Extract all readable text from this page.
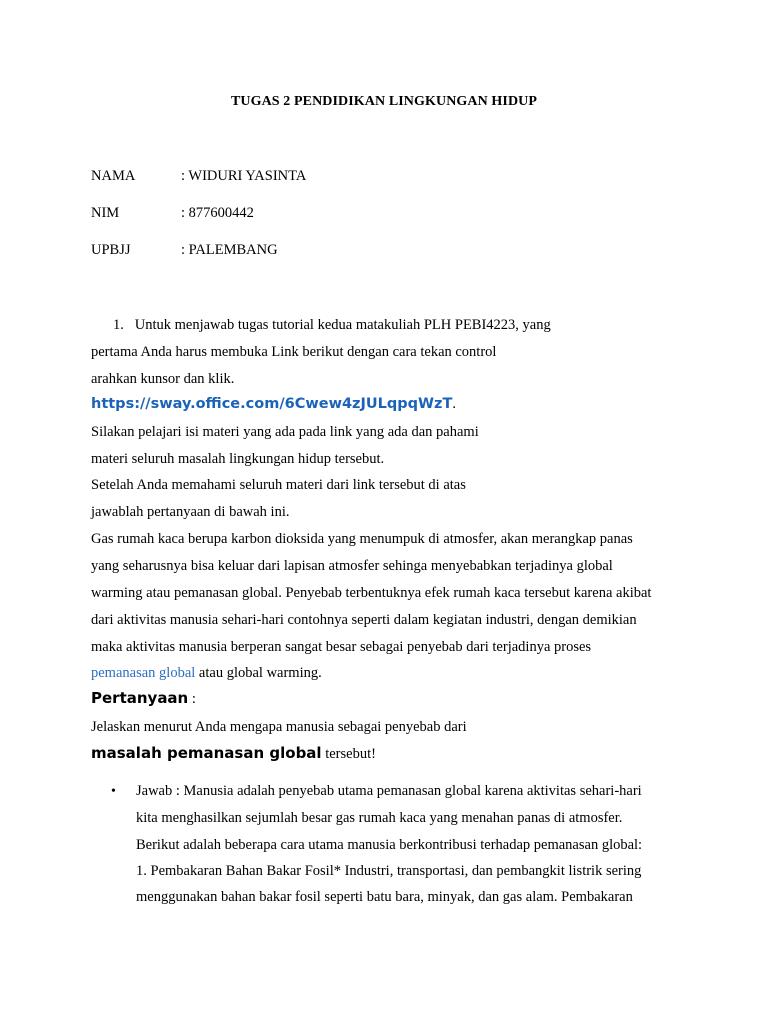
TUGAS 2 PENDIDIKAN LINGKUNGAN HIDUP
NAMA	: WIDURI YASINTA
NIM	: 877600442
UPBJJ	: PALEMBANG
1. Untuk menjawab tugas tutorial kedua matakuliah PLH PEBI4223, yang
pertama Anda harus membuka Link berikut dengan cara tekan control
arahkan kunsor dan klik.
https://sway.office.com/6Cwew4zJULqpqWzT.
Silakan pelajari isi materi yang ada pada link yang ada dan pahami
materi seluruh masalah lingkungan hidup tersebut.
Setelah Anda memahami seluruh materi dari link tersebut di atas
jawablah pertanyaan di bawah ini.
Gas rumah kaca berupa karbon dioksida yang menumpuk di atmosfer, akan merangkap panas
yang seharusnya bisa keluar dari lapisan atmosfer sehinga menyebabkan terjadinya global
warming atau pemanasan global. Penyebab terbentuknya efek rumah kaca tersebut karena akibat
dari aktivitas manusia sehari-hari contohnya seperti dalam kegiatan industri, dengan demikian
maka aktivitas manusia berperan sangat besar sebagai penyebab dari terjadinya proses
pemanasan global atau global warming.
Pertanyaan :
Jelaskan menurut Anda mengapa manusia sebagai penyebab dari
masalah pemanasan global tersebut!
• Jawab : Manusia adalah penyebab utama pemanasan global karena aktivitas sehari-hari
kita menghasilkan sejumlah besar gas rumah kaca yang menahan panas di atmosfer.
Berikut adalah beberapa cara utama manusia berkontribusi terhadap pemanasan global:
1. Pembakaran Bahan Bakar Fosil* Industri, transportasi, dan pembangkit listrik sering
menggunakan bahan bakar fosil seperti batu bara, minyak, dan gas alam. Pembakaran
